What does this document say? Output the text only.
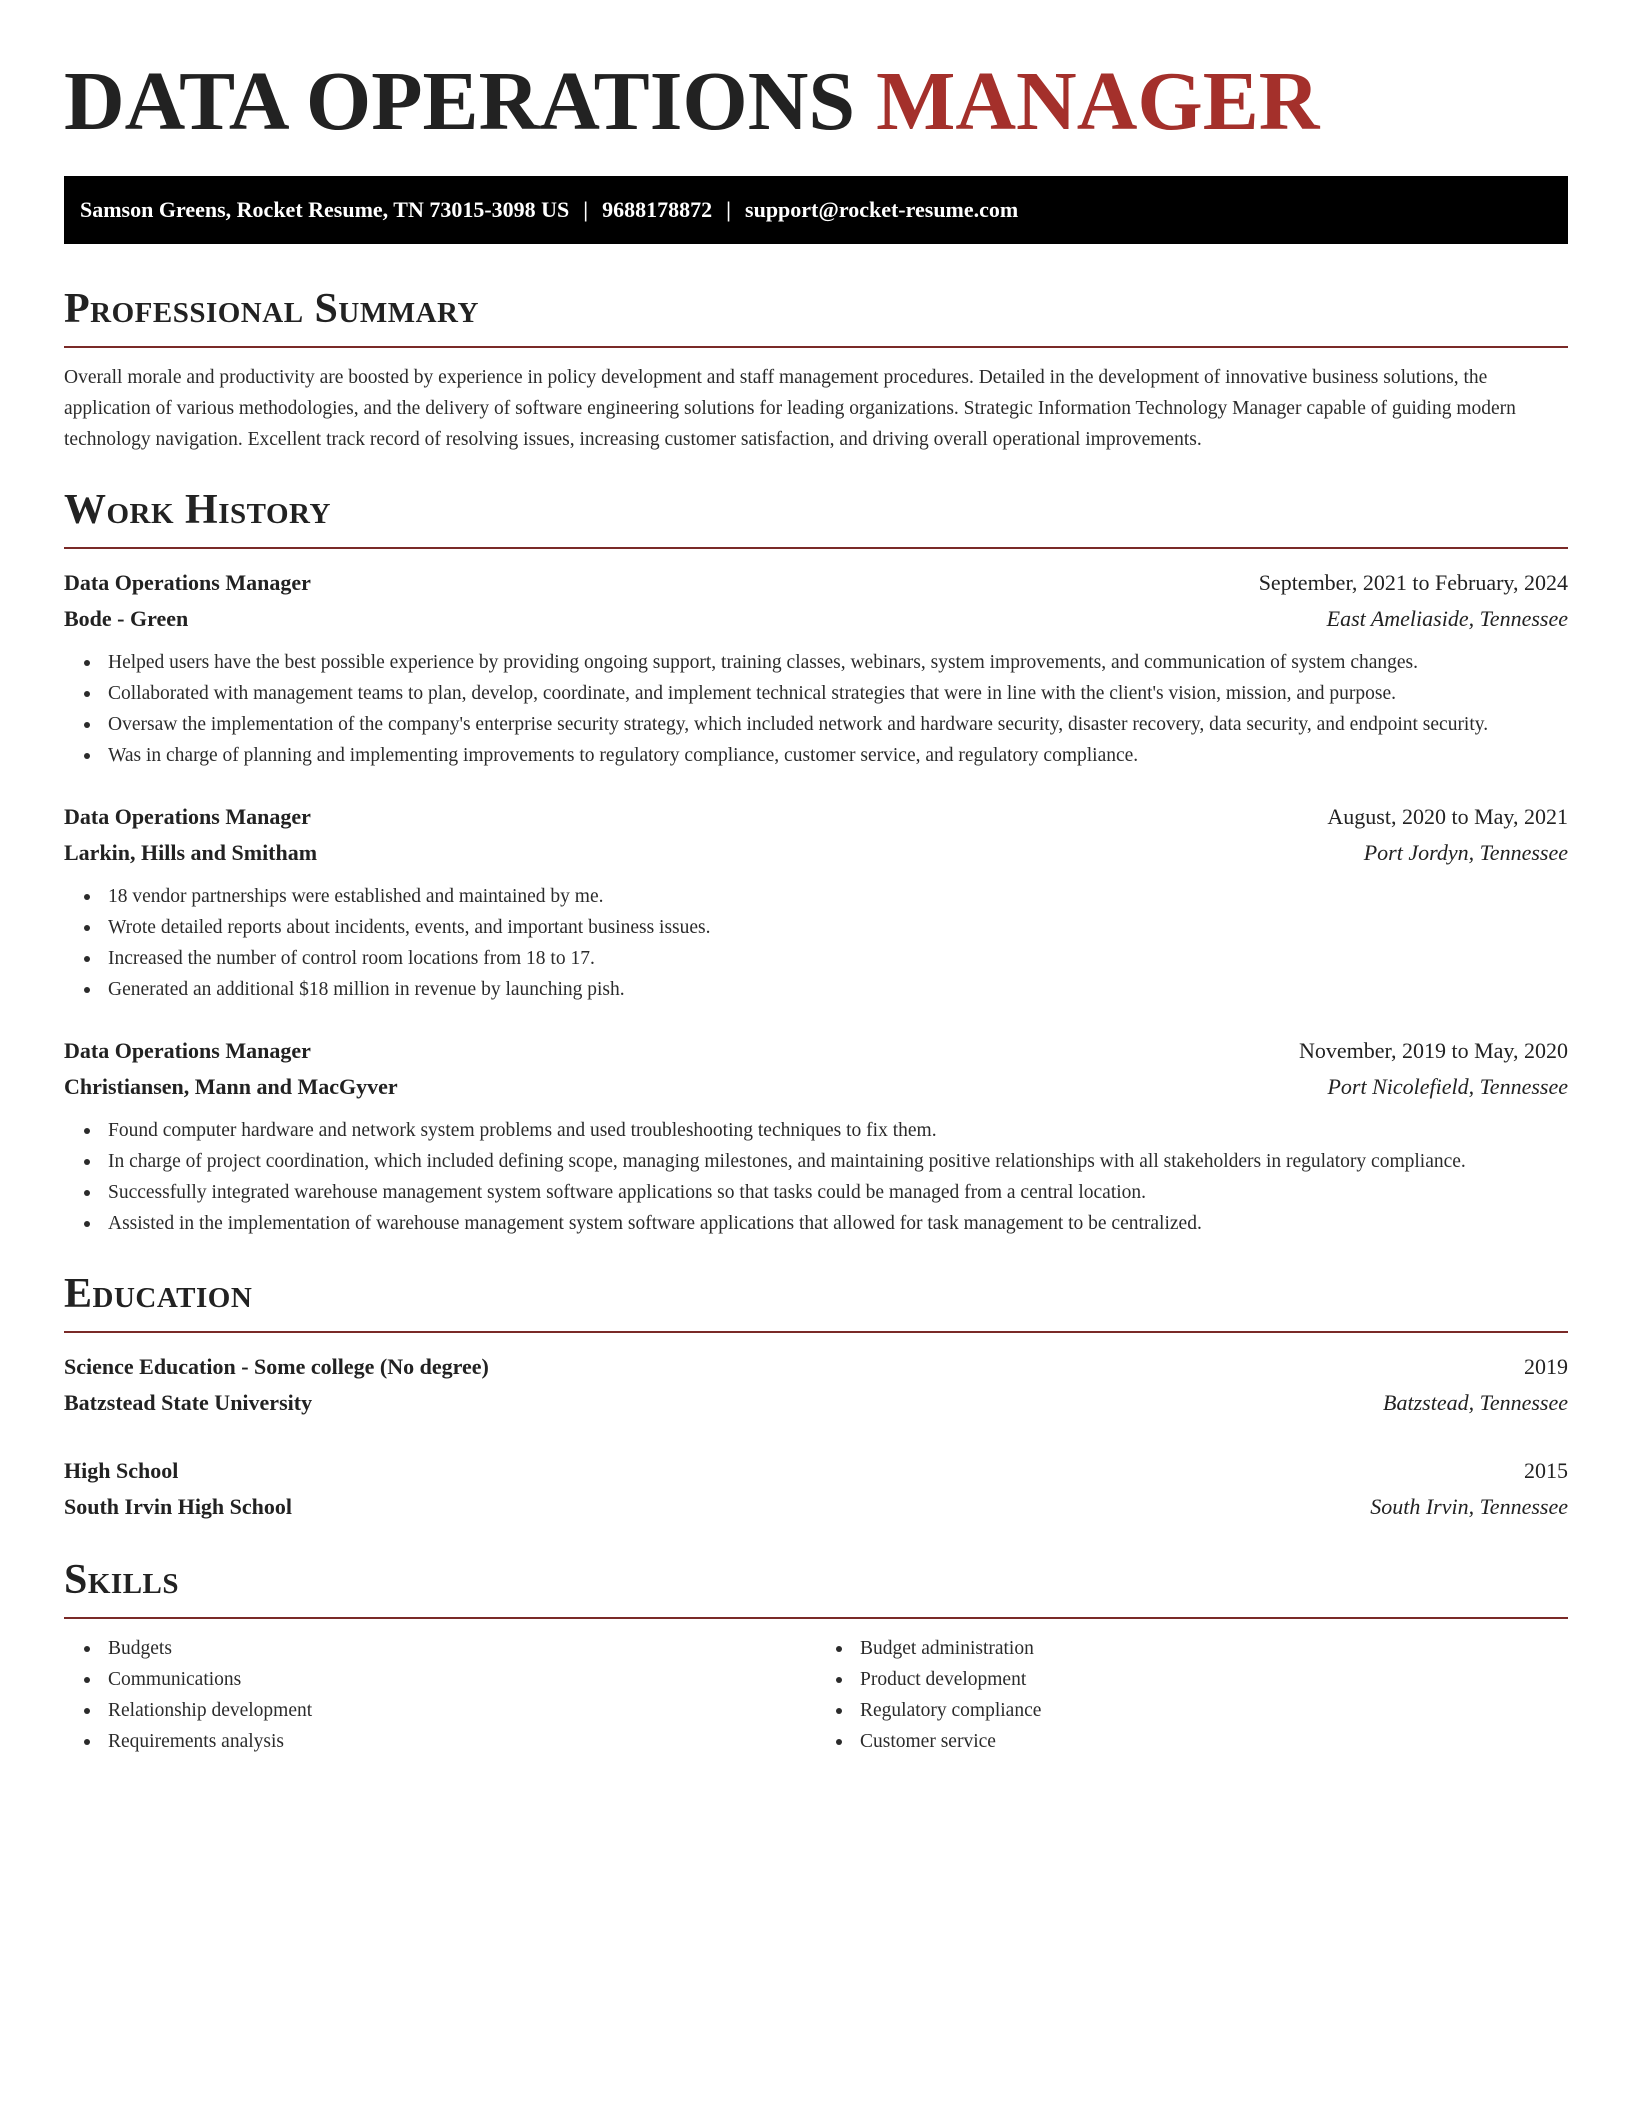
DATA OPERATIONS MANAGER
Samson Greens, Rocket Resume, TN 73015-3098 US | 9688178872 | support@rocket-resume.com
Professional Summary

Overall morale and productivity are boosted by experience in policy development and staff management procedures. Detailed in the development of innovative business solutions, the application of various methodologies, and the delivery of software engineering solutions for leading organizations. Strategic Information Technology Manager capable of guiding modern technology navigation. Excellent track record of resolving issues, increasing customer satisfaction, and driving overall operational improvements.

Work History
Data Operations Manager	September, 2021 to February, 2024
Bode - Green	East Ameliaside, Tennessee
Helped users have the best possible experience by providing ongoing support, training classes, webinars, system improvements, and communication of system changes.
Collaborated with management teams to plan, develop, coordinate, and implement technical strategies that were in line with the client's vision, mission, and purpose.
Oversaw the implementation of the company's enterprise security strategy, which included network and hardware security, disaster recovery, data security, and endpoint security.
Was in charge of planning and implementing improvements to regulatory compliance, customer service, and regulatory compliance.
Data Operations Manager	August, 2020 to May, 2021
Larkin, Hills and Smitham	Port Jordyn, Tennessee
18 vendor partnerships were established and maintained by me.
Wrote detailed reports about incidents, events, and important business issues.
Increased the number of control room locations from 18 to 17.
Generated an additional $18 million in revenue by launching pish.
Data Operations Manager	November, 2019 to May, 2020
Christiansen, Mann and MacGyver	Port Nicolefield, Tennessee
Found computer hardware and network system problems and used troubleshooting techniques to fix them.
In charge of project coordination, which included defining scope, managing milestones, and maintaining positive relationships with all stakeholders in regulatory compliance.
Successfully integrated warehouse management system software applications so that tasks could be managed from a central location.
Assisted in the implementation of warehouse management system software applications that allowed for task management to be centralized.
Education
Science Education - Some college (No degree)	2019
Batzstead State University	Batzstead, Tennessee
High School	2015
South Irvin High School	South Irvin, Tennessee
Skills
Budgets
Communications
Relationship development
Requirements analysis
Budget administration
Product development
Regulatory compliance
Customer service
